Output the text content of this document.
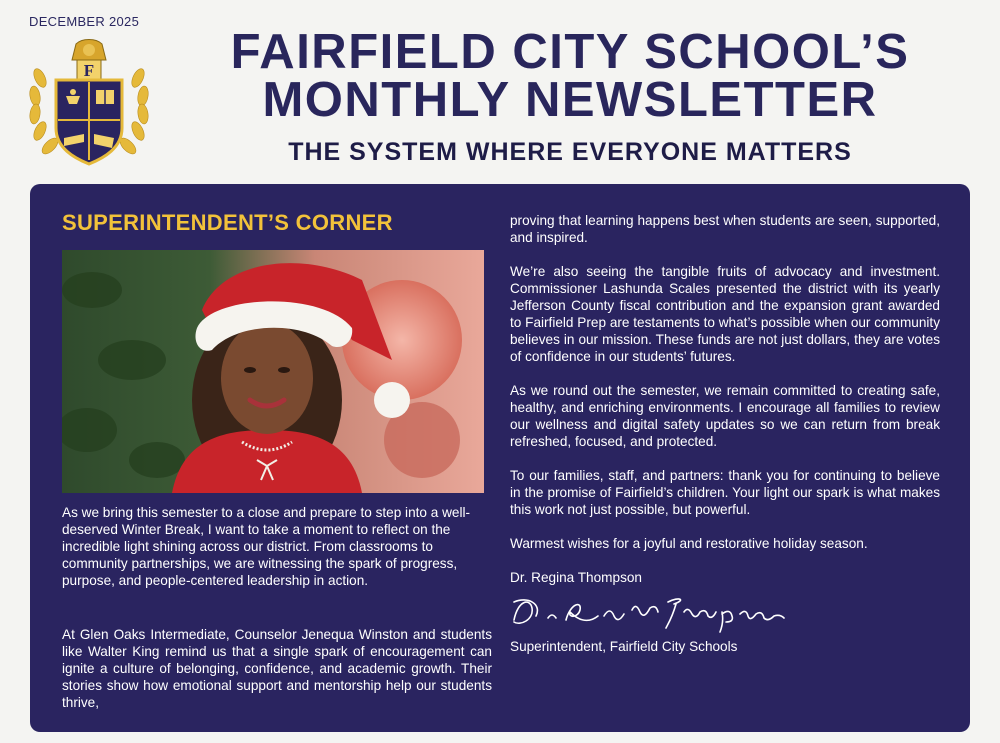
DECEMBER 2025
F	FAIRFIELD CITY SCHOOL’S
MONTHLY NEWSLETTER
THE SYSTEM WHERE EVERYONE MATTERS
SUPERINTENDENT’S CORNER

As we bring this semester to a close and prepare to step into a well-deserved Winter Break, I want to take a moment to reflect on the incredible light shining across our district. From classrooms to community partnerships, we are witnessing the spark of progress, purpose, and people-centered leadership in action.

At Glen Oaks Intermediate, Counselor Jenequa Winston and students like Walter King remind us that a single spark of encouragement can ignite a culture of belonging, confidence, and academic growth. Their stories show how emotional support and mentorship help our students thrive,

proving that learning happens best when students are seen, supported, and inspired.

We’re also seeing the tangible fruits of advocacy and investment. Commissioner Lashunda Scales presented the district with its yearly Jefferson County fiscal contribution and the expansion grant awarded to Fairfield Prep are testaments to what’s possible when our community believes in our mission. These funds are not just dollars, they are votes of confidence in our students’ futures.

As we round out the semester, we remain committed to creating safe, healthy, and enriching environments. I encourage all families to review our wellness and digital safety updates so we can return from break refreshed, focused, and protected.

To our families, staff, and partners: thank you for continuing to believe in the promise of Fairfield’s children. Your light our spark is what makes this work not just possible, but powerful.

Warmest wishes for a joyful and restorative holiday season.

Dr. Regina Thompson

Superintendent, Fairfield City Schools
